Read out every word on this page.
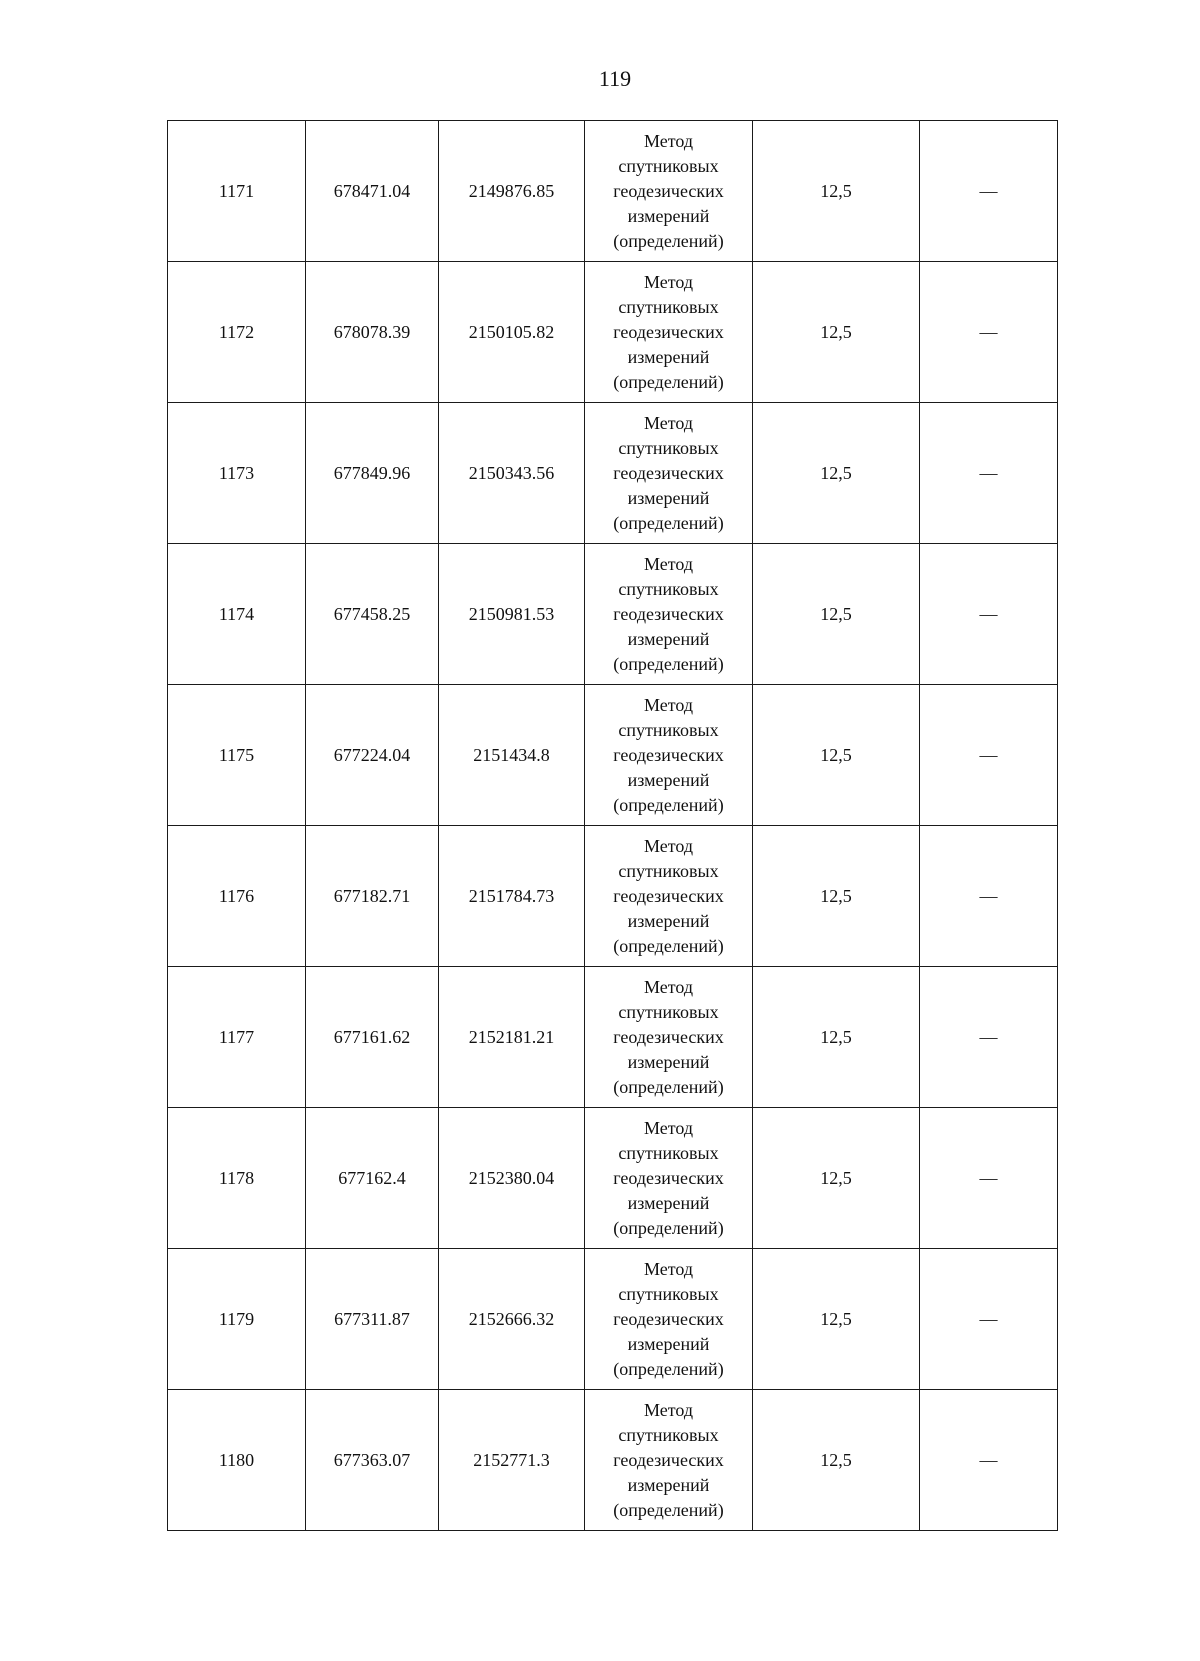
119
1171	678471.04	2149876.85	Метод спутниковых геодезических измерений (определений)	12,5	—
1172	678078.39	2150105.82	Метод спутниковых геодезических измерений (определений)	12,5	—
1173	677849.96	2150343.56	Метод спутниковых геодезических измерений (определений)	12,5	—
1174	677458.25	2150981.53	Метод спутниковых геодезических измерений (определений)	12,5	—
1175	677224.04	2151434.8	Метод спутниковых геодезических измерений (определений)	12,5	—
1176	677182.71	2151784.73	Метод спутниковых геодезических измерений (определений)	12,5	—
1177	677161.62	2152181.21	Метод спутниковых геодезических измерений (определений)	12,5	—
1178	677162.4	2152380.04	Метод спутниковых геодезических измерений (определений)	12,5	—
1179	677311.87	2152666.32	Метод спутниковых геодезических измерений (определений)	12,5	—
1180	677363.07	2152771.3	Метод спутниковых геодезических измерений (определений)	12,5	—
